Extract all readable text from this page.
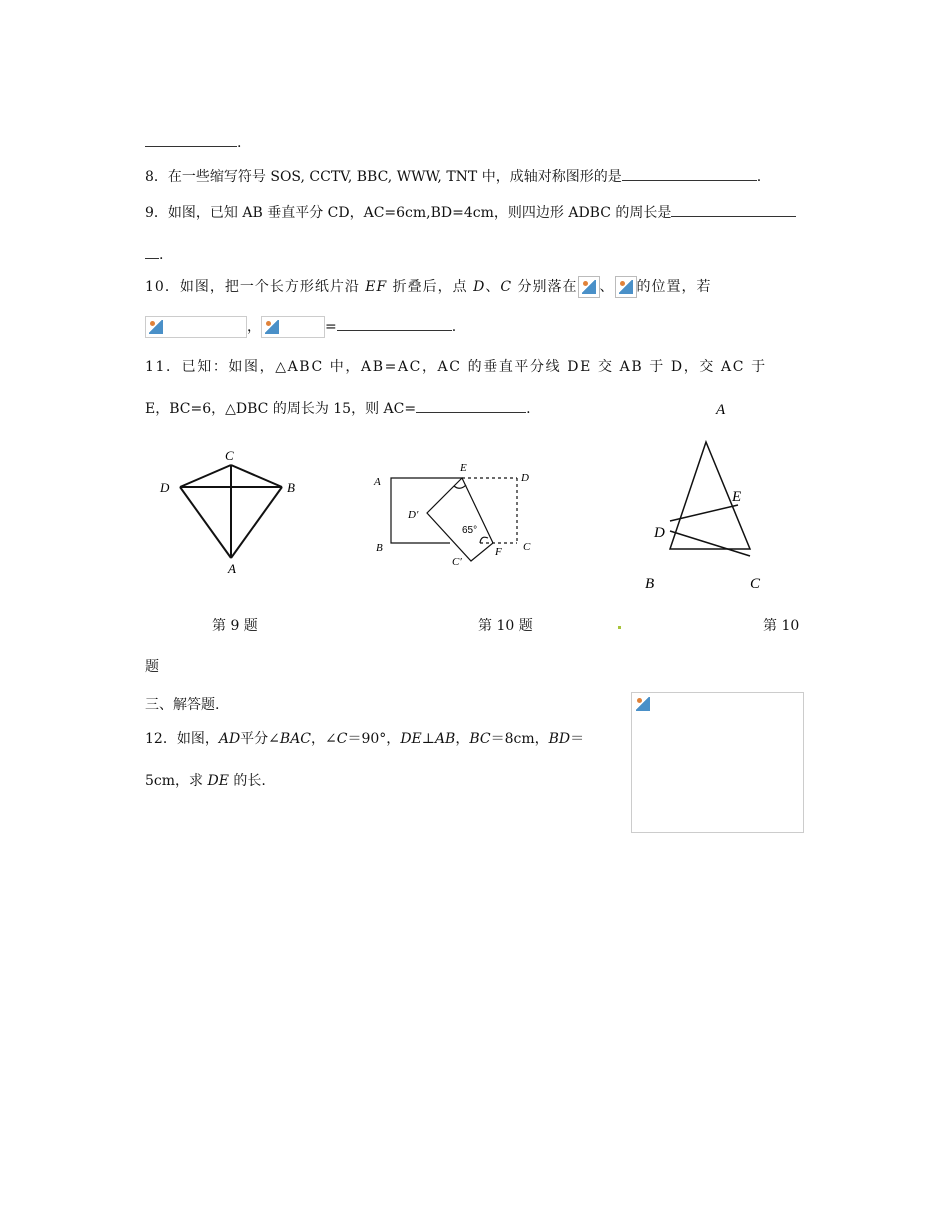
.
8．在一些缩写符号 SOS, CCTV, BBC, WWW, TNT 中，成轴对称图形的是	.
9．如图，已知 AB 垂直平分 CD，AC=6cm,BD=4cm，则四边形 ADBC 的周长是
.
10．如图，把一个长方形纸片沿 EF 折叠后，点 D、C 分别落在 、 的位置，若
，	=	.
11．已知：如图，△ABC 中，AB=AC，AC 的垂直平分线 DE 交 AB 于 D，交 AC 于
E，BC=6，△DBC 的周长为 15，则 AC=	.
C
D	B
A
A
E
D
D′
65°
B
C′
F C
A
E
D
B	C
第 9 题	第 10 题	第 10
题
三、解答题.
12．如图，AD平分∠BAC，∠C＝90°，DE⊥AB，BC＝8cm，BD＝
5cm，求 DE 的长.
